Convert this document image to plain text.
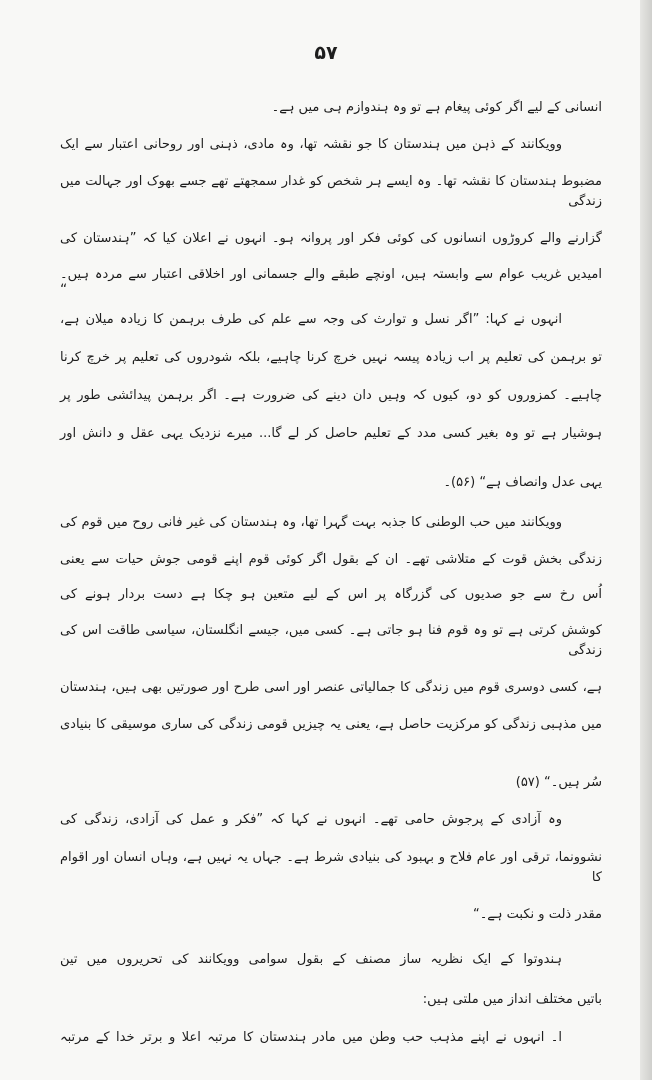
۵۷
انسانی کے لیے اگر کوئی پیغام ہے تو وہ ہندوازم ہی میں ہے۔
وویکانند کے ذہن میں ہندستان کا جو نقشہ تھا، وہ مادی، ذہنی اور روحانی اعتبار سے ایک
مضبوط ہندستان کا نقشہ تھا۔ وہ ایسے ہر شخص کو غدار سمجھتے تھے جسے بھوک اور جہالت میں زندگی
گزارنے والے کروڑوں انسانوں کی کوئی فکر اور پروانہ ہو۔ انہوں نے اعلان کیا کہ ”ہندستان کی
امیدیں غریب عوام سے وابستہ ہیں، اونچے طبقے والے جسمانی اور اخلاقی اعتبار سے مردہ ہیں۔
“
انہوں نے کہا: ”اگر نسل و توارث کی وجہ سے علم کی طرف برہمن کا زیادہ میلان ہے،
تو برہمن کی تعلیم پر اب زیادہ پیسہ نہیں خرچ کرنا چاہیے، بلکہ شودروں کی تعلیم پر خرچ کرنا
چاہیے۔ کمزوروں کو دو، کیوں کہ وہیں دان دینے کی ضرورت ہے۔ اگر برہمن پیدائشی طور پر
ہوشیار ہے تو وہ بغیر کسی مدد کے تعلیم حاصل کر لے گا... میرے نزدیک یہی عقل و دانش اور
یہی عدل وانصاف ہے“ (۵۶)۔
وویکانند میں حب الوطنی کا جذبہ بہت گہرا تھا، وہ ہندستان کی غیر فانی روح میں قوم کی
زندگی بخش قوت کے متلاشی تھے۔ ان کے بقول اگر کوئی قوم اپنے قومی جوش حیات سے یعنی
اُس رخ سے جو صدیوں کی گزرگاہ پر اس کے لیے متعین ہو چکا ہے دست بردار ہونے کی
کوشش کرتی ہے تو وہ قوم فنا ہو جاتی ہے۔ کسی میں، جیسے انگلستان، سیاسی طاقت اس کی زندگی
ہے، کسی دوسری قوم میں زندگی کا جمالیاتی عنصر اور اسی طرح اور صورتیں بھی ہیں، ہندستان
میں مذہبی زندگی کو مرکزیت حاصل ہے، یعنی یہ چیزیں قومی زندگی کی ساری موسیقی کا بنیادی
سُر ہیں۔“ (۵۷)
وہ آزادی کے پرجوش حامی تھے۔ انہوں نے کہا کہ ”فکر و عمل کی آزادی، زندگی کی
نشوونما، ترقی اور عام فلاح و بہبود کی بنیادی شرط ہے۔ جہاں یہ نہیں ہے، وہاں انسان اور اقوام کا
مقدر ذلت و نکبت ہے۔“
ہندوتوا کے ایک نظریہ ساز مصنف کے بقول سوامی وویکانند کی تحریروں میں تین
باتیں مختلف انداز میں ملتی ہیں:
ا۔ انہوں نے اپنے مذہب حب وطن میں مادر ہندستان کا مرتبہ اعلا و برتر خدا کے مرتبہ
